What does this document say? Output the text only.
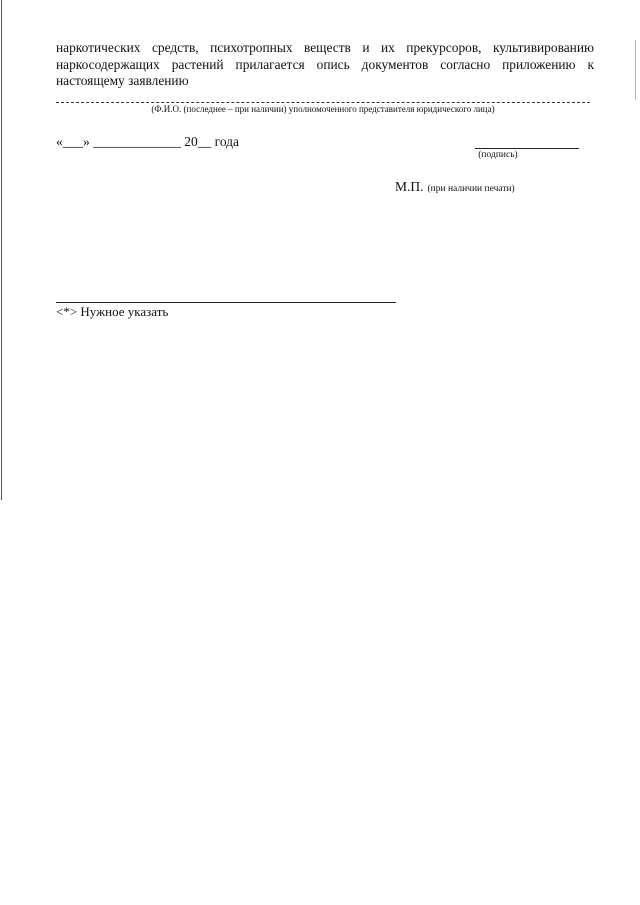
наркотических средств, психотропных веществ и их прекурсоров, культивированию наркосодержащих растений прилагается опись документов согласно приложению к настоящему заявлению

(Ф.И.О. (последнее – при наличии) уполномоченного представителя юридического лица)
«___» _____________ 20__ года
(подпись)
М.П. (при наличии печати)
<*> Нужное указать
